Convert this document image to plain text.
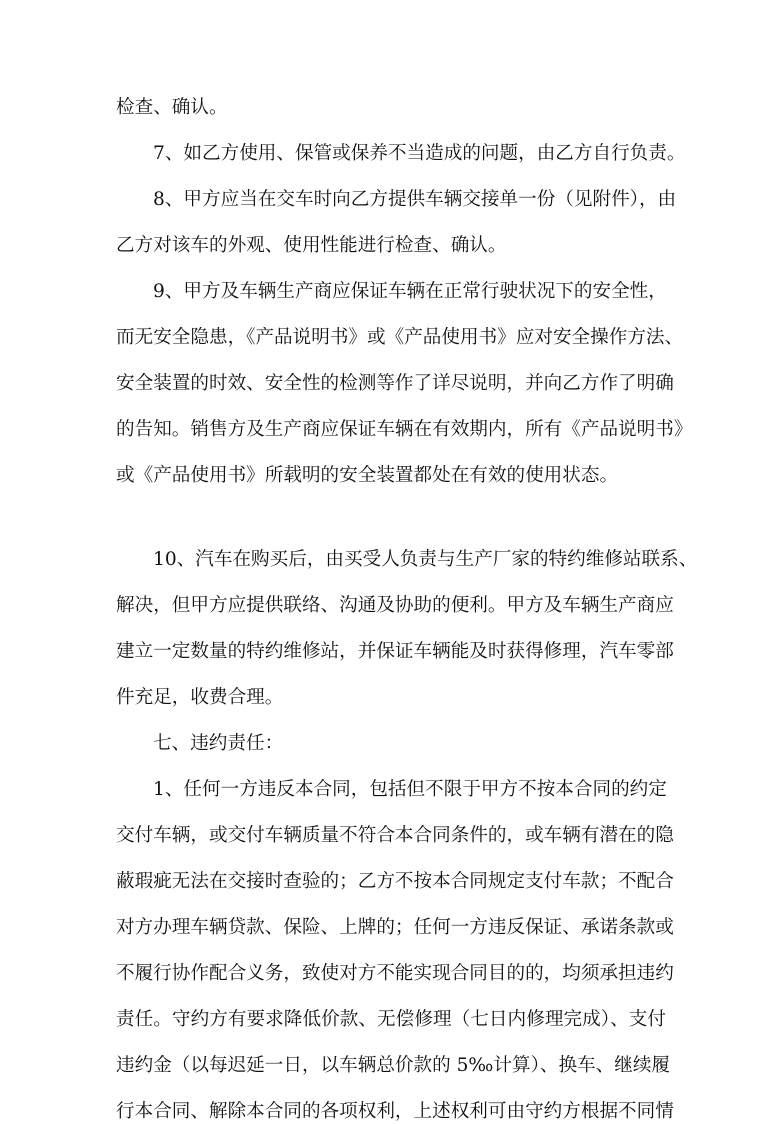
检查、确认。

7、如乙方使用、保管或保养不当造成的问题，由乙方自行负责。

8、甲方应当在交车时向乙方提供车辆交接单一份（见附件），由

乙方对该车的外观、使用性能进行检查、确认。

9、甲方及车辆生产商应保证车辆在正常行驶状况下的安全性，

而无安全隐患，《产品说明书》或《产品使用书》应对安全操作方法、

安全装置的时效、安全性的检测等作了详尽说明，并向乙方作了明确

的告知。销售方及生产商应保证车辆在有效期内，所有《产品说明书》

或《产品使用书》所载明的安全装置都处在有效的使用状态。

10、汽车在购买后，由买受人负责与生产厂家的特约维修站联系、

解决，但甲方应提供联络、沟通及协助的便利。甲方及车辆生产商应

建立一定数量的特约维修站，并保证车辆能及时获得修理，汽车零部

件充足，收费合理。

七、违约责任：

1、任何一方违反本合同，包括但不限于甲方不按本合同的约定

交付车辆，或交付车辆质量不符合本合同条件的，或车辆有潜在的隐

蔽瑕疵无法在交接时查验的；乙方不按本合同规定支付车款；不配合

对方办理车辆贷款、保险、上牌的；任何一方违反保证、承诺条款或

不履行协作配合义务，致使对方不能实现合同目的的，均须承担违约

责任。守约方有要求降低价款、无偿修理（七日内修理完成）、支付

违约金（以每迟延一日，以车辆总价款的 5‰计算）、换车、继续履

行本合同、解除本合同的各项权利，上述权利可由守约方根据不同情
